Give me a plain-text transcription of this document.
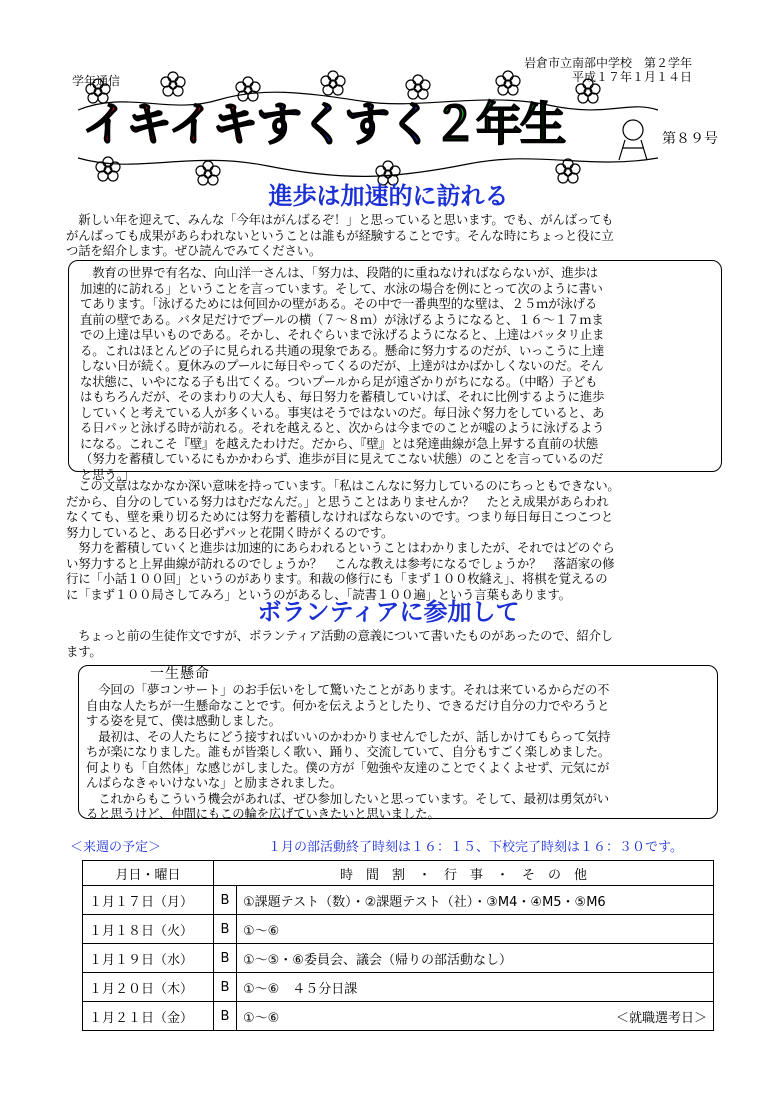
学年通信
岩倉市立南部中学校　第２学年
平成１７年１月１４日
イキイキすくすく２年生	第８９号
進歩は加速的に訪れる
　新しい年を迎えて、みんな「今年はがんばるぞ！」と思っていると思います。でも、がんばっても
がんばっても成果があらわれないということは誰もが経験することです。そんな時にちょっと役に立
つ話を紹介します。ぜひ読んでみてください。
　教育の世界で有名な、向山洋一さんは、「努力は、段階的に重ねなければならないが、進歩は
加速的に訪れる」ということを言っています。そして、水泳の場合を例にとって次のように書い
てあります。「泳げるためには何回かの壁がある。その中で一番典型的な壁は、２５ｍが泳げる
直前の壁である。バタ足だけでプールの横（７～８ｍ）が泳げるようになると、１６～１７ｍま
での上達は早いものである。そかし、それぐらいまで泳げるようになると、上達はバッタリ止ま
る。これはほとんどの子に見られる共通の現象である。懸命に努力するのだが、いっこうに上達
しない日が続く。夏休みのプールに毎日やってくるのだが、上達がはかばかしくないのだ。そん
な状態に、いやになる子も出てくる。ついプールから足が遠ざかりがちになる。（中略）子ども
はもちろんだが、そのまわりの大人も、毎日努力を蓄積していけば、それに比例するように進歩
していくと考えている人が多くいる。事実はそうではないのだ。毎日泳ぐ努力をしていると、あ
る日パッと泳げる時が訪れる。それを越えると、次からは今までのことが嘘のように泳げるよう
になる。これこそ『壁』を越えたわけだ。だから、『壁』とは発達曲線が急上昇する直前の状態
（努力を蓄積しているにもかかわらず、進歩が目に見えてこない状態）のことを言っているのだ
と思う。」
　この文章はなかなか深い意味を持っています。「私はこんなに努力しているのにちっともできない。
だから、自分のしている努力はむだなんだ。」と思うことはありませんか？　たとえ成果があらわれ
なくても、壁を乗り切るためには努力を蓄積しなければならないのです。つまり毎日毎日こつこつと
努力していると、ある日必ずパッと花開く時がくるのです。
　努力を蓄積していくと進歩は加速的にあらわれるということはわかりましたが、それではどのぐら
い努力すると上昇曲線が訪れるのでしょうか？　こんな教えは参考になるでしょうか？　落語家の修
行に「小話１００回」というのがあります。和裁の修行にも「まず１００枚縫え」、将棋を覚えるの
に「まず１００局さしてみろ」というのがあるし、「読書１００遍」という言葉もあります。
ボランティアに参加して
　ちょっと前の生徒作文ですが、ボランティア活動の意義について書いたものがあったので、紹介し
ます。
一生懸命
　今回の「夢コンサート」のお手伝いをして驚いたことがあります。それは来ているからだの不
自由な人たちが一生懸命なことです。何かを伝えようとしたり、できるだけ自分の力でやろうと
する姿を見て、僕は感動しました。
　最初は、その人たちにどう接すればいいのかわかりませんでしたが、話しかけてもらって気持
ちが楽になりました。誰もが皆楽しく歌い、踊り、交流していて、自分もすごく楽しめました。
何よりも「自然体」な感じがしました。僕の方が「勉強や友達のことでくよくよせず、元気にが
んばらなきゃいけないな」と励まされました。
　これからもこういう機会があれば、ぜひ参加したいと思っています。そして、最初は勇気がい
ると思うけど、仲間にもこの輪を広げていきたいと思いました。
＜来週の予定＞	１月の部活動終了時刻は１６：１５、下校完了時刻は１６：３０です。
月日・曜日	時　間　割　・　行　事　・　そ　の　他	
１月１７日（月）	B	①課題テスト（数）・②課題テスト（社）・③M4・④M5・⑤M6
１月１８日（火）	B	①～⑥
１月１９日（水）	B	①～⑤・⑥委員会、議会（帰りの部活動なし）
１月２０日（木）	B	①～⑥　４５分日課
１月２１日（金）	B	①～⑥ ＜就職選考日＞
